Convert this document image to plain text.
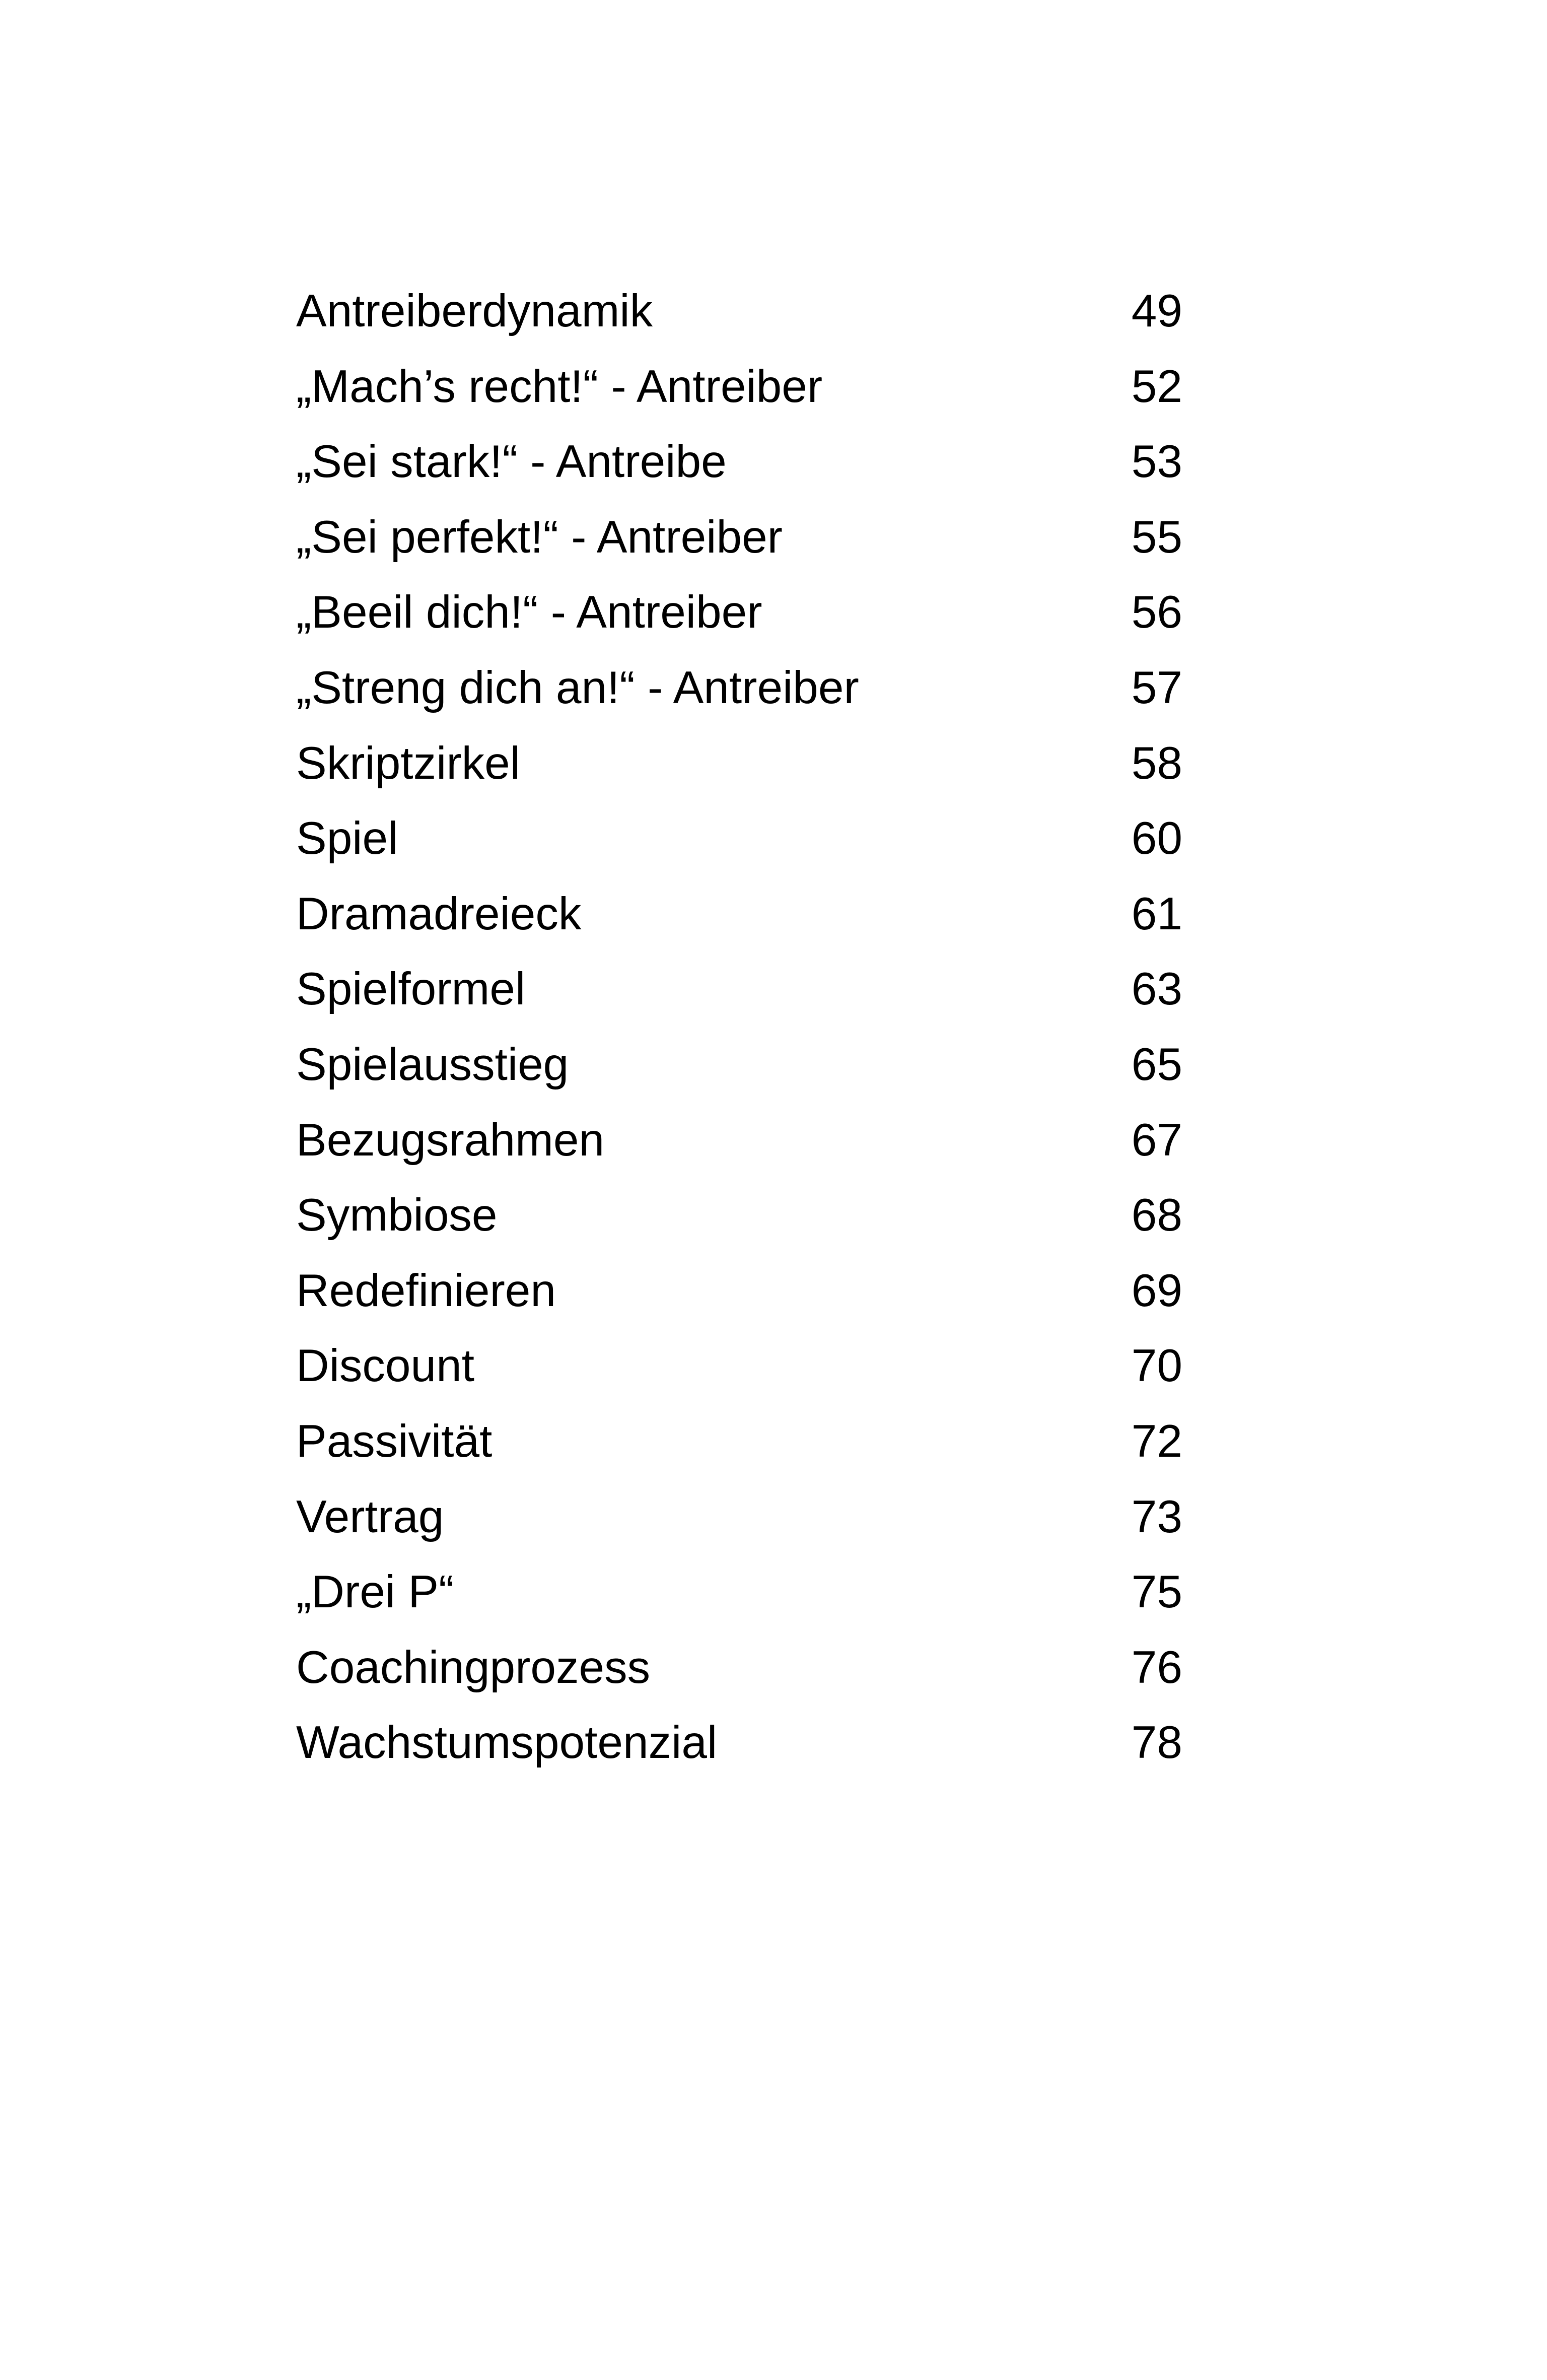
Antreiberdynamik	49
„Mach’s recht!“ - Antreiber	52
„Sei stark!“ - Antreibe	53
„Sei perfekt!“ - Antreiber	55
„Beeil dich!“ - Antreiber	56
„Streng dich an!“ - Antreiber	57
Skriptzirkel	58
Spiel	60
Dramadreieck	61
Spielformel	63
Spielausstieg	65
Bezugsrahmen	67
Symbiose	68
Redefinieren	69
Discount	70
Passivität	72
Vertrag	73
„Drei P“	75
Coachingprozess	76
Wachstumspotenzial	78
